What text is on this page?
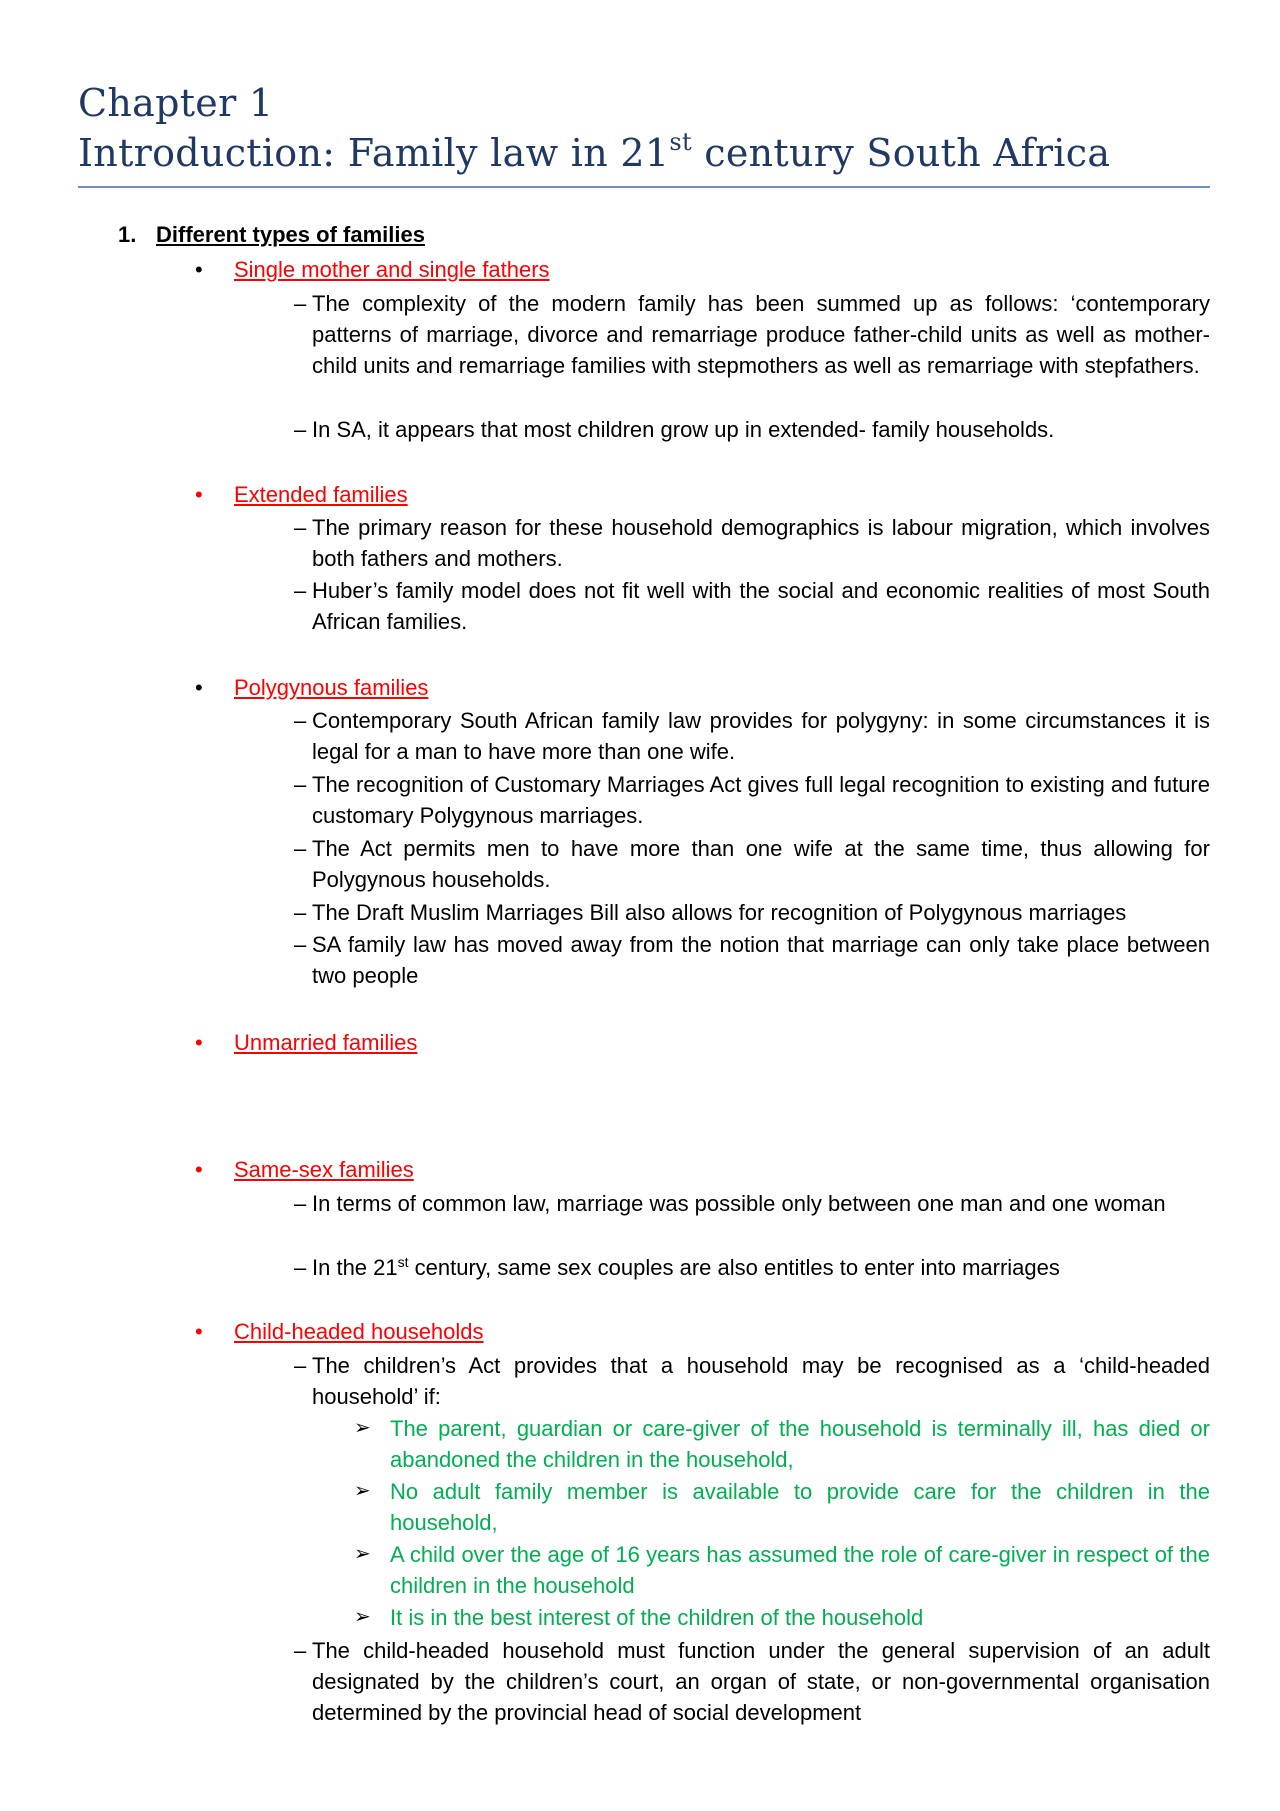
Chapter 1
Introduction: Family law in 21st century South Africa
1. Different types of families
•	Single mother and single fathers
– The complexity of the modern family has been summed up as follows: ‘contemporary patterns of marriage, divorce and remarriage produce father-child units as well as mother-child units and remarriage families with stepmothers as well as remarriage with stepfathers.
– In SA, it appears that most children grow up in extended- family households.
•	Extended families
– The primary reason for these household demographics is labour migration, which involves both fathers and mothers.
– Huber’s family model does not fit well with the social and economic realities of most South African families.
•	Polygynous families
– Contemporary South African family law provides for polygyny: in some circumstances it is legal for a man to have more than one wife.
– The recognition of Customary Marriages Act gives full legal recognition to existing and future customary Polygynous marriages.
– The Act permits men to have more than one wife at the same time, thus allowing for Polygynous households.
– The Draft Muslim Marriages Bill also allows for recognition of Polygynous marriages
– SA family law has moved away from the notion that marriage can only take place between two people
•	Unmarried families
•	Same-sex families
– In terms of common law, marriage was possible only between one man and one woman
– In the 21st century, same sex couples are also entitles to enter into marriages
•	Child-headed households
– The children’s Act provides that a household may be recognised as a ‘child-headed household’ if:
➢ The parent, guardian or care-giver of the household is terminally ill, has died or abandoned the children in the household,
➢ No adult family member is available to provide care for the children in the household,
➢ A child over the age of 16 years has assumed the role of care-giver in respect of the children in the household
➢ It is in the best interest of the children of the household
– The child-headed household must function under the general supervision of an adult designated by the children’s court, an organ of state, or non-governmental organisation determined by the provincial head of social development
